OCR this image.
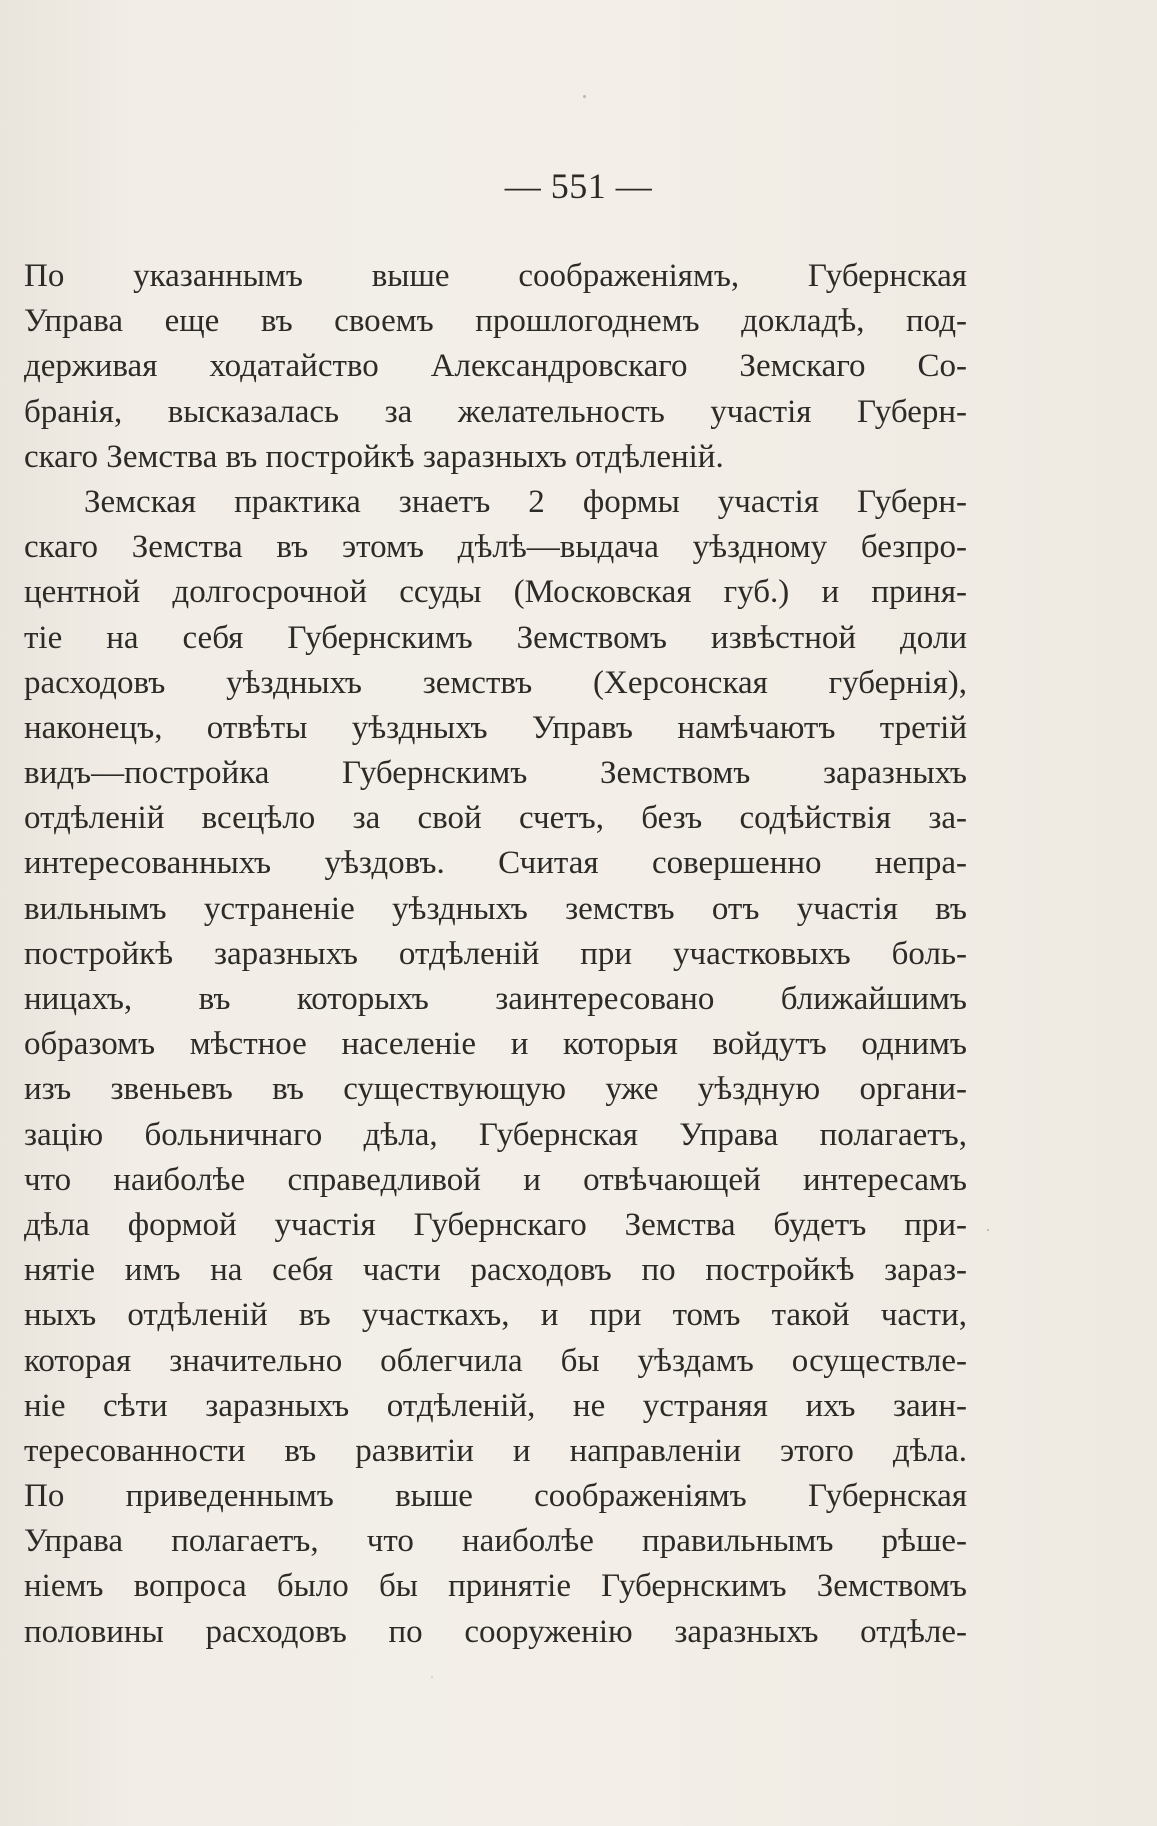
— 551 —
По указаннымъ выше соображеніямъ, Губернская
Управа еще въ своемъ прошлогоднемъ докладѣ, под-
держивая ходатайство Александровскаго Земскаго Со-
бранія, высказалась за желательность участія Губерн-
скаго Земства въ постройкѣ заразныхъ отдѣленій.
Земская практика знаетъ 2 формы участія Губерн-
скаго Земства въ этомъ дѣлѣ—выдача уѣздному безпро-
центной долгосрочной ссуды (Московская губ.) и приня-
тіе на себя Губернскимъ Земствомъ извѣстной доли
расходовъ уѣздныхъ земствъ (Херсонская губернія),
наконецъ, отвѣты уѣздныхъ Управъ намѣчаютъ третій
видъ—постройка Губернскимъ Земствомъ заразныхъ
отдѣленій всецѣло за свой счетъ, безъ содѣйствія за-
интересованныхъ уѣздовъ. Считая совершенно непра-
вильнымъ устраненіе уѣздныхъ земствъ отъ участія въ
постройкѣ заразныхъ отдѣленій при участковыхъ боль-
ницахъ, въ которыхъ заинтересовано ближайшимъ
образомъ мѣстное населеніе и которыя войдутъ однимъ
изъ звеньевъ въ существующую уже уѣздную органи-
зацію больничнаго дѣла, Губернская Управа полагаетъ,
что наиболѣе справедливой и отвѣчающей интересамъ
дѣла формой участія Губернскаго Земства будетъ при-
нятіе имъ на себя части расходовъ по постройкѣ зараз-
ныхъ отдѣленій въ участкахъ, и при томъ такой части,
которая значительно облегчила бы уѣздамъ осуществле-
ніе сѣти заразныхъ отдѣленій, не устраняя ихъ заин-
тересованности въ развитіи и направленіи этого дѣла.
По приведеннымъ выше соображеніямъ Губернская
Управа полагаетъ, что наиболѣе правильнымъ рѣше-
ніемъ вопроса было бы принятіе Губернскимъ Земствомъ
половины расходовъ по сооруженію заразныхъ отдѣле-
